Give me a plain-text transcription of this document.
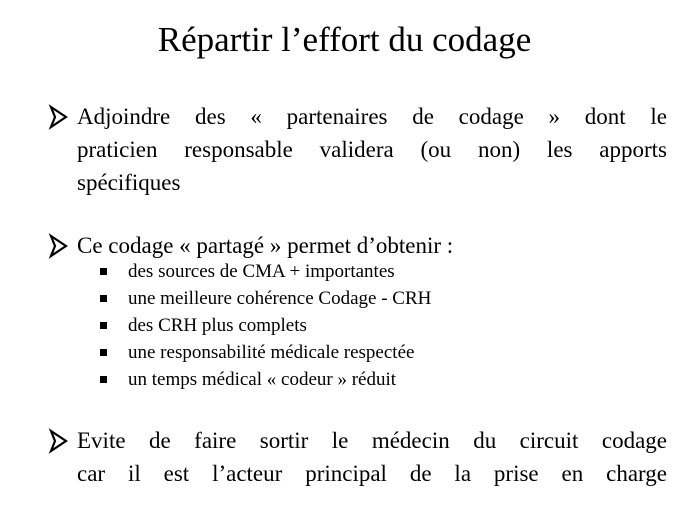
Répartir l’effort du codage
Adjoindre des « partenaires de codage » dont le
praticien responsable validera (ou non) les apports
spécifiques
Ce codage « partagé » permet d’obtenir :
des sources de CMA + importantes
une meilleure cohérence Codage - CRH
des CRH plus complets
une responsabilité médicale respectée
un temps médical « codeur » réduit
Evite de faire sortir le médecin du circuit codage
car il est l’acteur principal de la prise en charge
